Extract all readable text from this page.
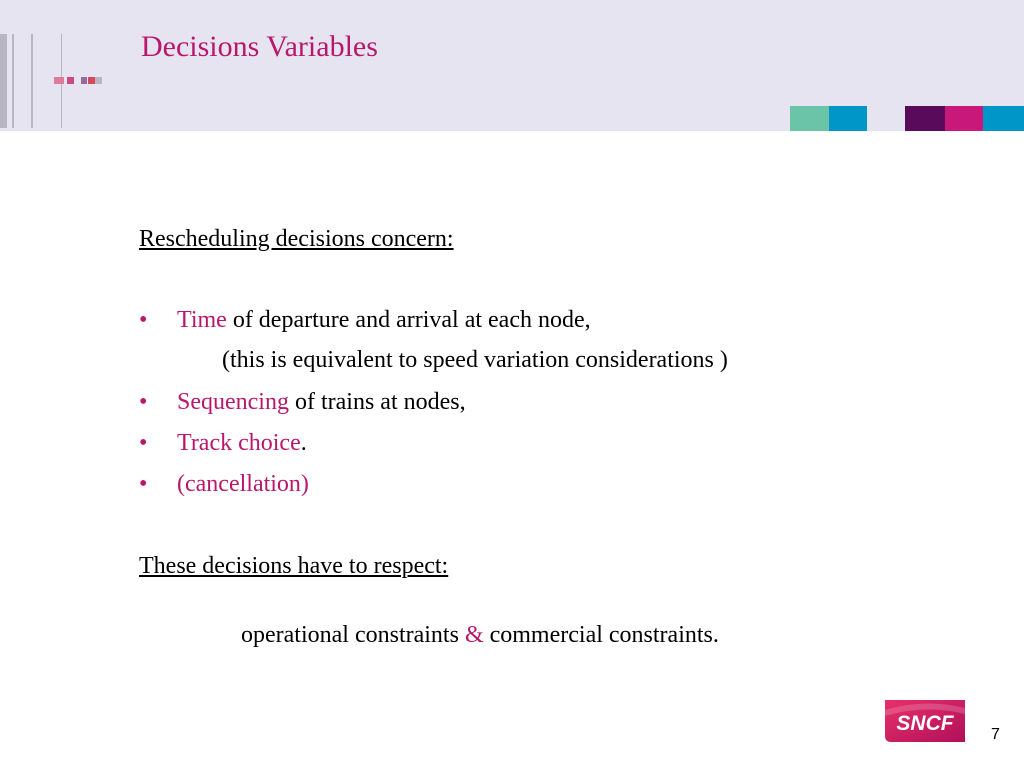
Decisions Variables
Rescheduling decisions concern:
• Time of departure and arrival at each node,
(this is equivalent to speed variation considerations )
• Sequencing of trains at nodes,
• Track choice.
• (cancellation)
These decisions have to respect:
operational constraints & commercial constraints.
SNCF 7
